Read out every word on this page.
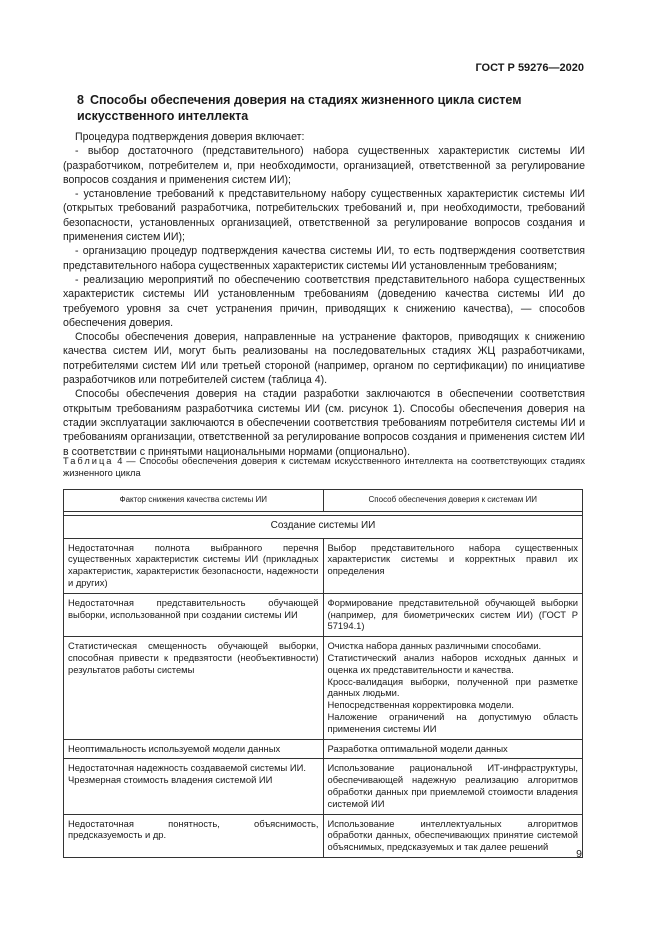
ГОСТ Р 59276—2020
8 Способы обеспечения доверия на стадиях жизненного цикла систем искусственного интеллекта

Процедура подтверждения доверия включает:

- выбор достаточного (представительного) набора существенных характеристик системы ИИ (разработчиком, потребителем и, при необходимости, организацией, ответственной за регулирование вопросов создания и применения систем ИИ);

- установление требований к представительному набору существенных характеристик системы ИИ (открытых требований разработчика, потребительских требований и, при необходимости, требований безопасности, установленных организацией, ответственной за регулирование вопросов создания и применения систем ИИ);

- организацию процедур подтверждения качества системы ИИ, то есть подтверждения соответствия представительного набора существенных характеристик системы ИИ установленным требованиям;

- реализацию мероприятий по обеспечению соответствия представительного набора существенных характеристик системы ИИ установленным требованиям (доведению качества системы ИИ до требуемого уровня за счет устранения причин, приводящих к снижению качества), — способов обеспечения доверия.

Способы обеспечения доверия, направленные на устранение факторов, приводящих к снижению качества систем ИИ, могут быть реализованы на последовательных стадиях ЖЦ разработчиками, потребителями систем ИИ или третьей стороной (например, органом по сертификации) по инициативе разработчиков или потребителей систем (таблица 4).

Способы обеспечения доверия на стадии разработки заключаются в обеспечении соответствия открытым требованиям разработчика системы ИИ (см. рисунок 1). Способы обеспечения доверия на стадии эксплуатации заключаются в обеспечении соответствия требованиям потребителя системы ИИ и требованиям организации, ответственной за регулирование вопросов создания и применения систем ИИ в соответствии с принятыми национальными нормами (опционально).

Таблица 4 — Способы обеспечения доверия к системам искусственного интеллекта на соответствующих стадиях жизненного цикла
Фактор снижения качества системы ИИ	Способ обеспечения доверия к системам ИИ

Создание системы ИИ	

Недостаточная полнота выбранного перечня существенных характеристик системы ИИ (прикладных характеристик, характеристик безопасности, надежности и других)	Выбор представительного набора существенных характеристик системы и корректных правил их определения

Недостаточная представительность обучающей выборки, использованной при создании системы ИИ	Формирование представительной обучающей выборки (например, для биометрических систем ИИ) (ГОСТ Р 57194.1)

Статистическая смещенность обучающей выборки, способная привести к предвзятости (необъективности) результатов работы системы	Очистка набора данных различными способами.
Статистический анализ наборов исходных данных и оценка их представительности и качества.
Кросс-валидация выборки, полученной при разметке данных людьми.
Непосредственная корректировка модели.
Наложение ограничений на допустимую область применения системы ИИ

Неоптимальность используемой модели данных	Разработка оптимальной модели данных

Недостаточная надежность создаваемой системы ИИ.
Чрезмерная стоимость владения системой ИИ	Использование рациональной ИТ-инфраструктуры, обеспечивающей надежную реализацию алгоритмов обработки данных при приемлемой стоимости владения системой ИИ

Недостаточная понятность, объяснимость, предсказуемость и др.	Использование интеллектуальных алгоритмов обработки данных, обеспечивающих принятие системой объяснимых, предсказуемых и так далее решений
9
